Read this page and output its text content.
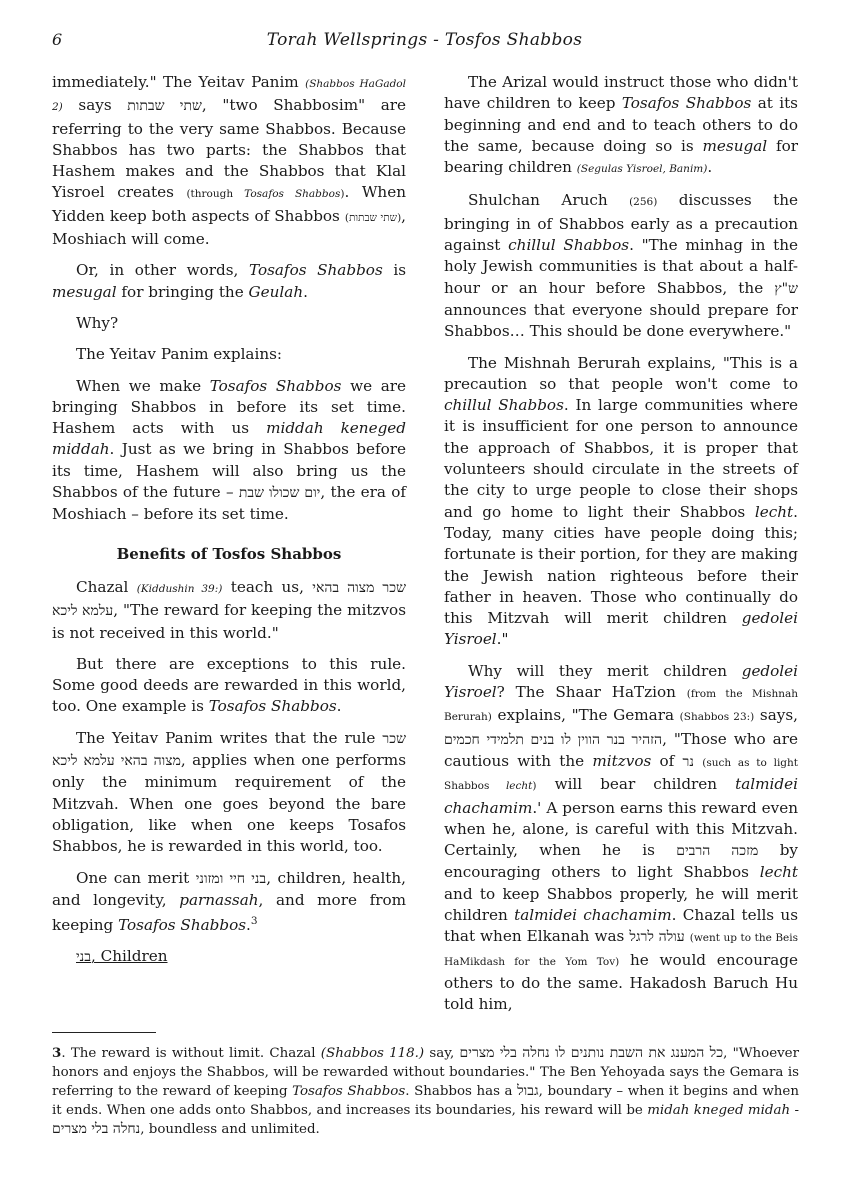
6	Torah Wellsprings - Tosfos Shabbos

immediately." The Yeitav Panim (Shabbos HaGadol 2) says שתי שבתות, "two Shabbosim" are referring to the very same Shabbos. Because Shabbos has two parts: the Shabbos that Hashem makes and the Shabbos that Klal Yisroel creates (through Tosafos Shabbos). When Yidden keep both aspects of Shabbos (שתי שבתות), Moshiach will come.

Or, in other words, Tosafos Shabbos is mesugal for bringing the Geulah.

Why?

The Yeitav Panim explains:

When we make Tosafos Shabbos we are bringing Shabbos in before its set time. Hashem acts with us middah keneged middah. Just as we bring in Shabbos before its time, Hashem will also bring us the Shabbos of the future – יום שכולו שבת, the era of Moshiach – before its set time.

Benefits of Tosfos Shabbos

Chazal (Kiddushin 39:) teach us, שכר מצוה בהאי עלמא ליכא, "The reward for keeping the mitzvos is not received in this world."

But there are exceptions to this rule. Some good deeds are rewarded in this world, too. One example is Tosafos Shabbos.

The Yeitav Panim writes that the rule שכר מצוה בהאי עלמא ליכא, applies when one performs only the minimum requirement of the Mitzvah. When one goes beyond the bare obligation, like when one keeps Tosafos Shabbos, he is rewarded in this world, too.

One can merit בני חיי ומזוני, children, health, and longevity, parnassah, and more from keeping Tosafos Shabbos.$^3$

בני, Children

The Arizal would instruct those who didn't have children to keep Tosafos Shabbos at its beginning and end and to teach others to do the same, because doing so is mesugal for bearing children (Segulas Yisroel, Banim).

Shulchan Aruch (256) discusses the bringing in of Shabbos early as a precaution against chillul Shabbos. "The minhag in the holy Jewish communities is that about a half-hour or an hour before Shabbos, the ש"ץ announces that everyone should prepare for Shabbos… This should be done everywhere."

The Mishnah Berurah explains, "This is a precaution so that people won't come to chillul Shabbos. In large communities where it is insufficient for one person to announce the approach of Shabbos, it is proper that volunteers should circulate in the streets of the city to urge people to close their shops and go home to light their Shabbos lecht. Today, many cities have people doing this; fortunate is their portion, for they are making the Jewish nation righteous before their father in heaven. Those who continually do this Mitzvah will merit children gedolei Yisroel."

Why will they merit children gedolei Yisroel? The Shaar HaTzion (from the Mishnah Berurah) explains, "The Gemara (Shabbos 23:) says, הזהיר בנר הווין לו בנים תלמידי חכמים, "Those who are cautious with the mitzvos of נר (such as to light Shabbos lecht) will bear children talmidei chachamim.' A person earns this reward even when he, alone, is careful with this Mitzvah. Certainly, when he is מזכה הרבים by encouraging others to light Shabbos lecht and to keep Shabbos properly, he will merit children talmidei chachamim. Chazal tells us that when Elkanah was עולה לרגל (went up to the Beis HaMikdash for the Yom Tov) he would encourage others to do the same. Hakadosh Baruch Hu told him,

3. The reward is without limit. Chazal (Shabbos 118.) say, כל המענג את השבת נותנים לו נחלה בלי מצרים, "Whoever honors and enjoys the Shabbos, will be rewarded without boundaries." The Ben Yehoyada says the Gemara is referring to the reward of keeping Tosafos Shabbos. Shabbos has a גבול, boundary – when it begins and when it ends. When one adds onto Shabbos, and increases its boundaries, his reward will be midah kneged midah - נחלה בלי מצרים, boundless and unlimited.
